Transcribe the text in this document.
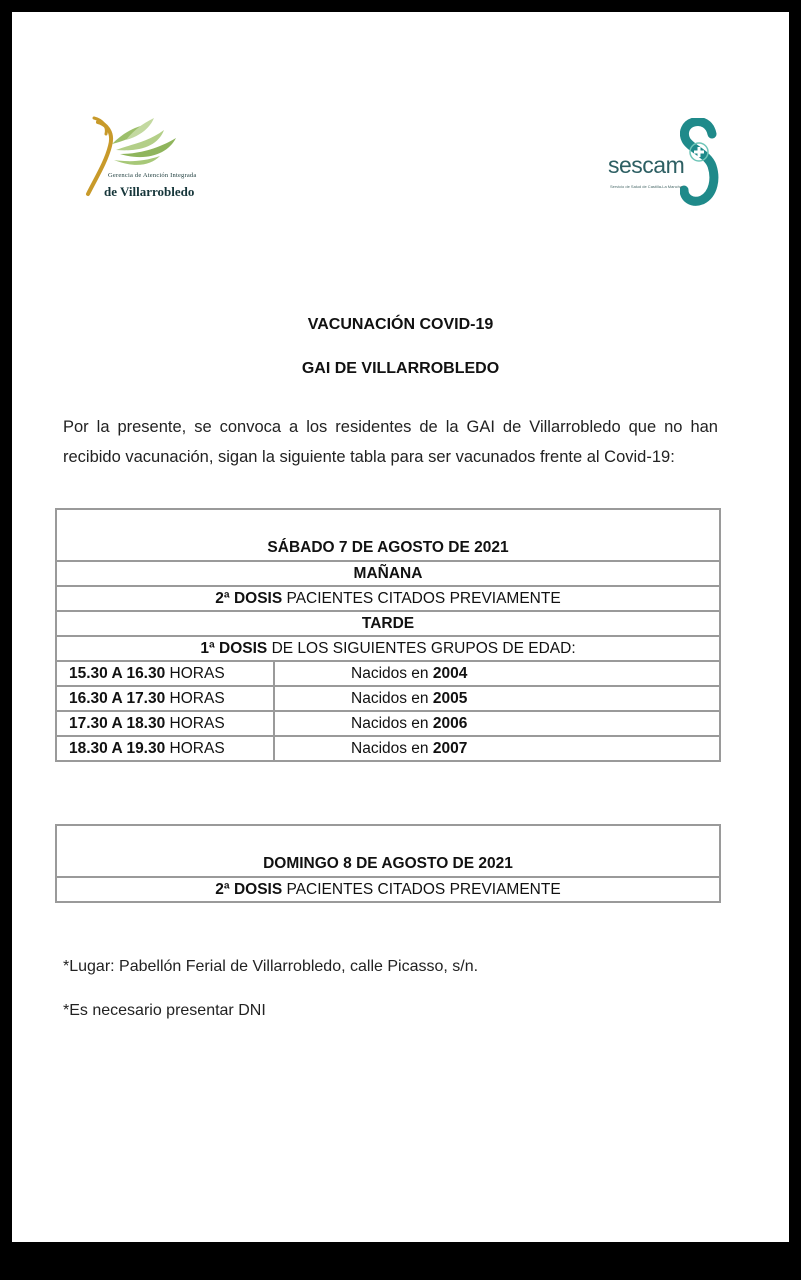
Gerencia de Atención Integrada
de Villarrobledo
sescam
Servicio de Salud de Castilla-La Mancha
VACUNACIÓN COVID-19
GAI DE VILLARROBLEDO
Por la presente, se convoca a los residentes de la GAI de Villarrobledo que no han recibido vacunación, sigan la siguiente tabla para ser vacunados frente al Covid-19:
SÁBADO 7 DE AGOSTO DE 2021	

MAÑANA	
2ª DOSIS PACIENTES CITADOS PREVIAMENTE	
TARDE	
1ª DOSIS DE LOS SIGUIENTES GRUPOS DE EDAD:	
15.30 A 16.30 HORAS	Nacidos en 2004
16.30 A 17.30 HORAS	Nacidos en 2005
17.30 A 18.30 HORAS	Nacidos en 2006
18.30 A 19.30 HORAS	Nacidos en 2007
DOMINGO 8 DE AGOSTO DE 2021

2ª DOSIS PACIENTES CITADOS PREVIAMENTE
*Lugar: Pabellón Ferial de Villarrobledo, calle Picasso, s/n.
*Es necesario presentar DNI
